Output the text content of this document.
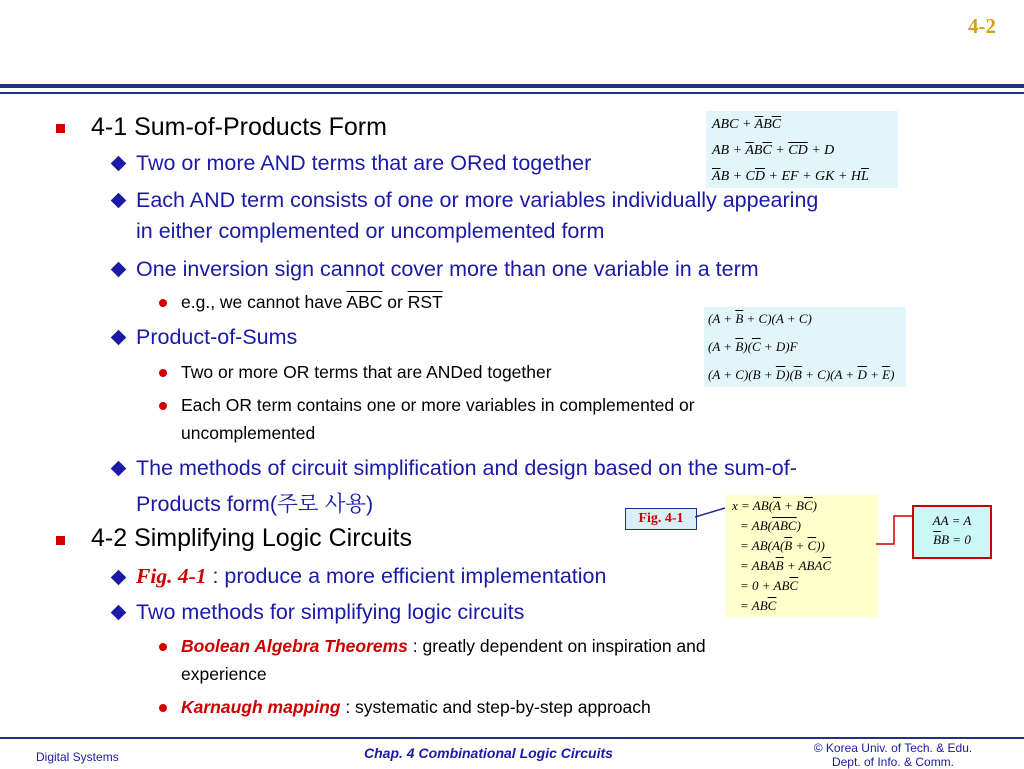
4-2
4-1 Sum-of-Products Form
Two or more AND terms that are ORed together
Each AND term consists of one or more variables individually appearing
in either complemented or uncomplemented form
One inversion sign cannot cover more than one variable in a term
e.g., we cannot have $\overline{ABC}$ or $\overline{RST}$
Product-of-Sums
Two or more OR terms that are ANDed together
Each OR term contains one or more variables in complemented or
uncomplemented
The methods of circuit simplification and design based on the sum-of-
Products form(주로 사용)
4-2 Simplifying Logic Circuits
Fig. 4-1 : produce a more efficient implementation
Two methods for simplifying logic circuits
Boolean Algebra Theorems : greatly dependent on inspiration and
experience
Karnaugh mapping : systematic and step-by-step approach
ABC + $\overline{A}B\overline{C}$
AB + $\overline{A}B\overline{C} + \overline{C}\overline{D} + D$
$\overline{A}B + C\overline{D}$ + EF + GK + $H\overline{L}$
$(A + \overline{B} + C)(A + C)$
$(A + \overline{B})(\overline{C} + D)F$
$(A + C)(B + \overline{D})(\overline{B} + C)(A + \overline{D} + \overline{E})$
Fig. 4-1
$x = AB(\overline{A} + B\overline{C})$
= $AB(\overline{A}\overline{B}\overline{C})$
= $AB(A(\overline{B} + \overline{C}))$
= $ABA\overline{B} + ABA\overline{C}$
= $0 + AB\overline{C}$
= $AB\overline{C}$
AA = A
$\overline{B}B = 0$
Digital Systems	Chap. 4 Combinational Logic Circuits	© Korea Univ. of Tech. & Edu.
Dept. of Info. & Comm.
